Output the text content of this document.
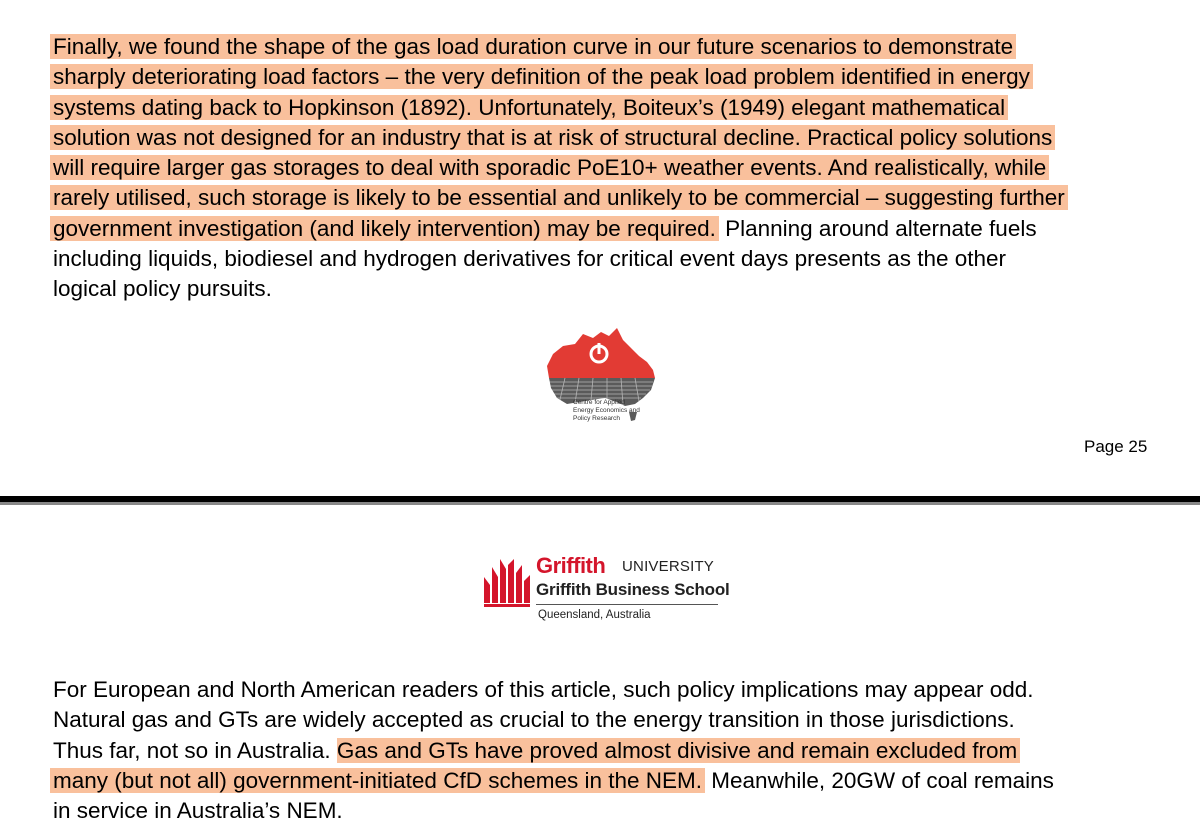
Finally, we found the shape of the gas load duration curve in our future scenarios to demonstrate
sharply deteriorating load factors – the very definition of the peak load problem identified in energy
systems dating back to Hopkinson (1892). Unfortunately, Boiteux’s (1949) elegant mathematical
solution was not designed for an industry that is at risk of structural decline. Practical policy solutions
will require larger gas storages to deal with sporadic PoE10+ weather events. And realistically, while
rarely utilised, such storage is likely to be essential and unlikely to be commercial – suggesting further
government investigation (and likely intervention) may be required. Planning around alternate fuels
including liquids, biodiesel and hydrogen derivatives for critical event days presents as the other
logical policy pursuits.
Centre for Applied
Energy Economics and
Policy Research
Page 25
Griffith UNIVERSITY
Griffith Business School
Queensland, Australia
For European and North American readers of this article, such policy implications may appear odd.
Natural gas and GTs are widely accepted as crucial to the energy transition in those jurisdictions.
Thus far, not so in Australia. Gas and GTs have proved almost divisive and remain excluded from
many (but not all) government-initiated CfD schemes in the NEM. Meanwhile, 20GW of coal remains
in service in Australia’s NEM.
